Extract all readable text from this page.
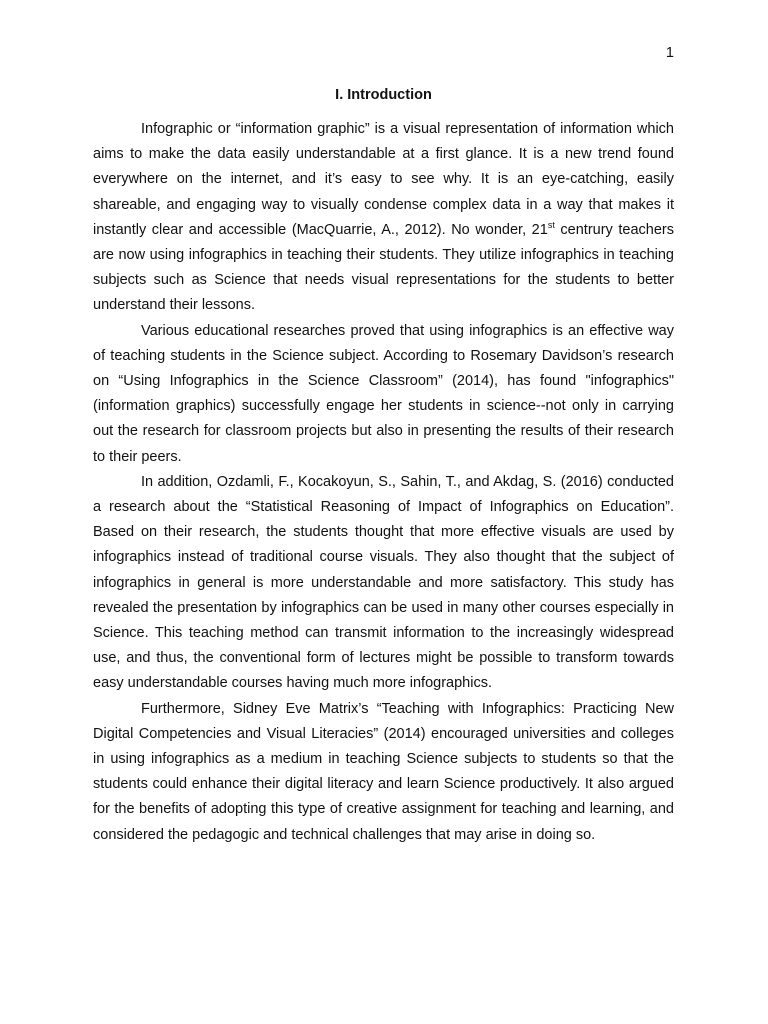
1
I. Introduction

Infographic or “information graphic” is a visual representation of information which aims to make the data easily understandable at a first glance. It is a new trend found everywhere on the internet, and it’s easy to see why. It is an eye-catching, easily shareable, and engaging way to visually condense complex data in a way that makes it instantly clear and accessible (MacQuarrie, A., 2012). No wonder, 21st centrury teachers are now using infographics in teaching their students. They utilize infographics in teaching subjects such as Science that needs visual representations for the students to better understand their lessons.

Various educational researches proved that using infographics is an effective way of teaching students in the Science subject. According to Rosemary Davidson’s research on “Using Infographics in the Science Classroom” (2014), has found "infographics" (information graphics) successfully engage her students in science--not only in carrying out the research for classroom projects but also in presenting the results of their research to their peers.

In addition, Ozdamli, F., Kocakoyun, S., Sahin, T., and Akdag, S. (2016) conducted a research about the “Statistical Reasoning of Impact of Infographics on Education”. Based on their research, the students thought that more effective visuals are used by infographics instead of traditional course visuals. They also thought that the subject of infographics in general is more understandable and more satisfactory. This study has revealed the presentation by infographics can be used in many other courses especially in Science. This teaching method can transmit information to the increasingly widespread use, and thus, the conventional form of lectures might be possible to transform towards easy understandable courses having much more infographics.

Furthermore, Sidney Eve Matrix’s “Teaching with Infographics: Practicing New Digital Competencies and Visual Literacies” (2014) encouraged universities and colleges in using infographics as a medium in teaching Science subjects to students so that the students could enhance their digital literacy and learn Science productively. It also argued for the benefits of adopting this type of creative assignment for teaching and learning, and considered the pedagogic and technical challenges that may arise in doing so.
